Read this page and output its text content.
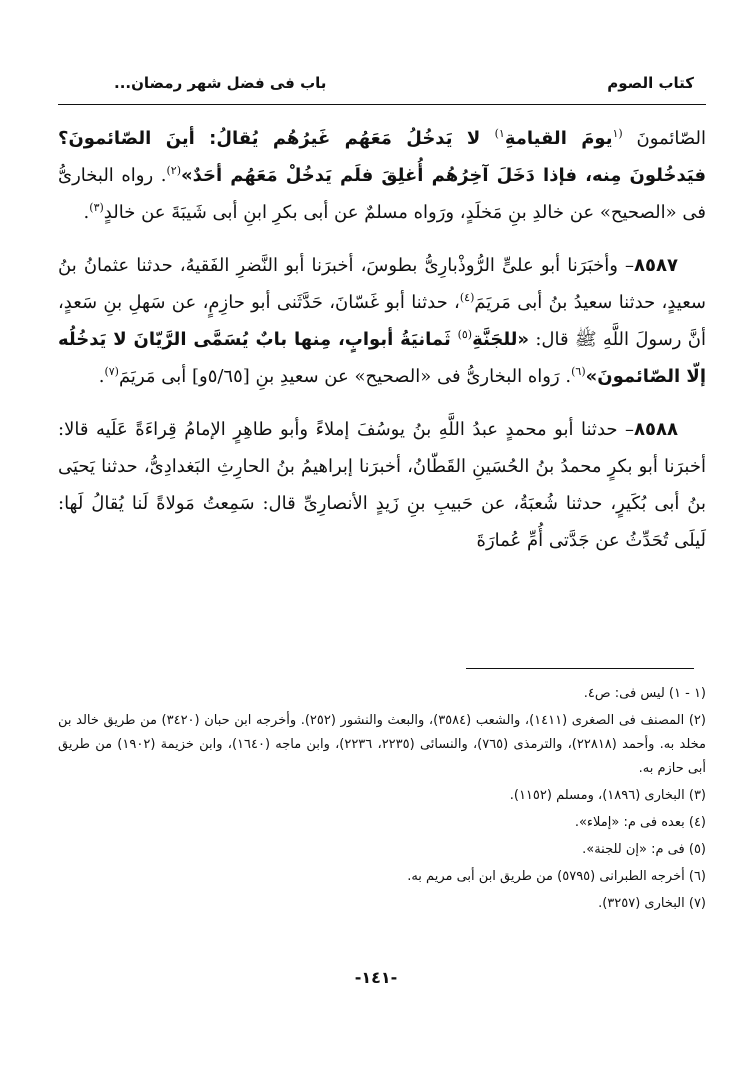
كتاب الصوم
باب فى فضل شهر رمضان...

الصّائمونَ $^{(١}$يومَ القيامةِ$^{١)}$ لا يَدخُلُ مَعَهُم غَيرُهُم يُقالُ: أينَ الصّائمونَ؟ فيَدخُلونَ مِنه، فإذا دَخَلَ آخِرُهُم أُغلِقَ فلَم يَدخُلْ مَعَهُم أحَدٌ»$^{(٢)}$. رواه البخارىُّ فى «الصحيح» عن خالدِ بنِ مَخلَدٍ، ورَواه مسلمٌ عن أبى بكرِ ابنِ أبى شَيبَةَ عن خالدٍ$^{(٣)}$.

٨٥٨٧– وأخبَرَنا أبو علىٍّ الرُّوذْبارِىُّ بطوسَ، أخبرَنا أبو النَّضرِ الفَقيهُ، حدثنا عثمانُ بنُ سعيدٍ، حدثنا سعيدُ بنُ أبى مَريَمَ$^{(٤)}$، حدثنا أبو غَسّانَ، حَدَّثَنى أبو حازِمٍ، عن سَهلِ بنِ سَعدٍ، أنَّ رسولَ اللَّهِ ﷺ قال: «للجَنَّةِ$^{(٥)}$ ثَمانيَةُ أبوابٍ، مِنها بابٌ يُسَمَّى الرَّيّانَ لا يَدخُلُه إلّا الصّائمونَ»$^{(٦)}$. رَواه البخارىُّ فى «الصحيح» عن سعيدِ بنِ [٥/٦٥و] أبى مَريَمَ$^{(٧)}$.

٨٥٨٨– حدثنا أبو محمدٍ عبدُ اللَّهِ بنُ يوسُفَ إملاءً وأبو طاهِرٍ الإمامُ قِراءَةً عَلَيه قالا: أخبرَنا أبو بكرٍ محمدُ بنُ الحُسَينِ القَطّانُ، أخبرَنا إبراهيمُ بنُ الحارِثِ البَغدادِىُّ، حدثنا يَحيَى بنُ أبى بُكَيرٍ، حدثنا شُعبَةُ، عن حَبيبِ بنِ زَيدٍ الأنصارِىِّ قال: سَمِعتُ مَولاةً لَنا يُقالُ لَها: لَيلَى تُحَدِّثُ عن جَدَّتى أُمِّ عُمارَةَ

(١ - ١) ليس فى: ص٤.
(٢) المصنف فى الصغرى (١٤١١)، والشعب (٣٥٨٤)، والبعث والنشور (٢٥٢). وأخرجه ابن حبان (٣٤٢٠) من طريق خالد بن مخلد به. وأحمد (٢٢٨١٨)، والترمذى (٧٦٥)، والنسائى (٢٢٣٥، ٢٢٣٦)، وابن ماجه (١٦٤٠)، وابن خزيمة (١٩٠٢) من طريق أبى حازم به.
(٣) البخارى (١٨٩٦)، ومسلم (١١٥٢).
(٤) بعده فى م: «إملاء».
(٥) فى م: «إن للجنة».
(٦) أخرجه الطبرانى (٥٧٩٥) من طريق ابن أبى مريم به.
(٧) البخارى (٣٢٥٧).
-١٤١-
